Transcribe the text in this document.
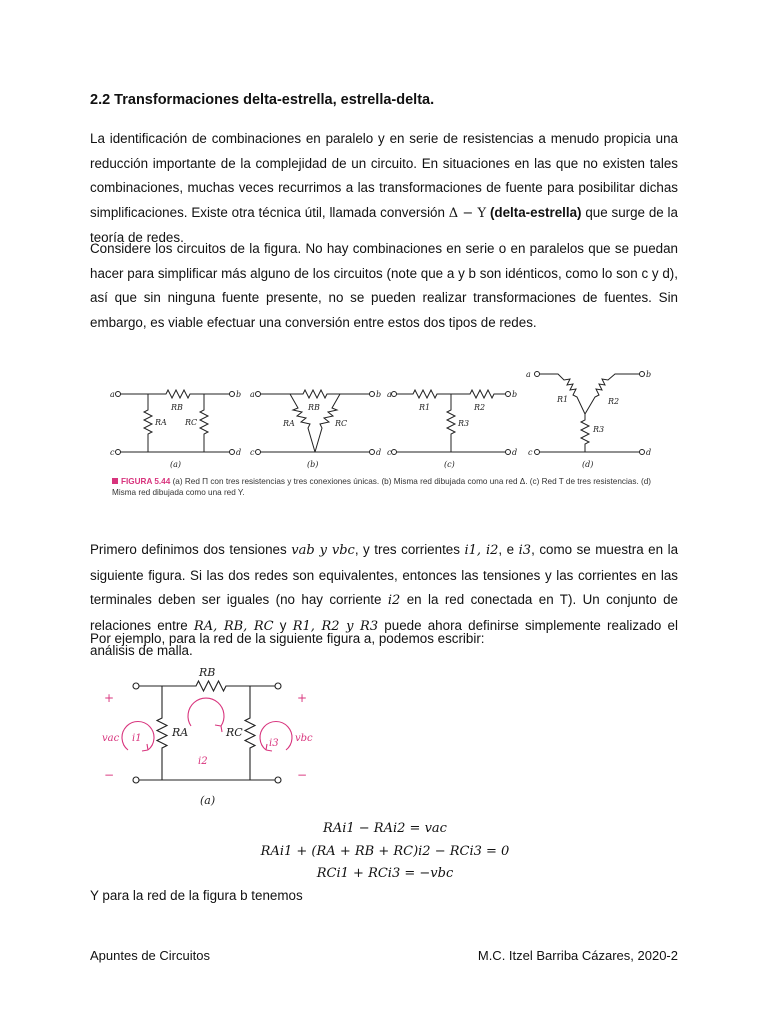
2.2 Transformaciones delta-estrella, estrella-delta.

La identificación de combinaciones en paralelo y en serie de resistencias a menudo propicia una reducción importante de la complejidad de un circuito. En situaciones en las que no existen tales combinaciones, muchas veces recurrimos a las transformaciones de fuente para posibilitar dichas simplificaciones. Existe otra técnica útil, llamada conversión Δ − Y (delta-estrella) que surge de la teoría de redes.

Considere los circuitos de la figura. No hay combinaciones en serie o en paralelos que se puedan hacer para simplificar más alguno de los circuitos (note que a y b son idénticos, como lo son c y d), así que sin ninguna fuente presente, no se pueden realizar transformaciones de fuentes. Sin embargo, es viable efectuar una conversión entre estos dos tipos de redes.

a	b
c	d
RB
RA RC
a	b
c	d
RB
RA	RC
a	b
c	d
R1	R2
R3
a	b
c	d
R1	R2
R3
(a)	(b)	(c)	(d)

FIGURA 5.44 (a) Red Π con tres resistencias y tres conexiones únicas. (b) Misma red dibujada como una red Δ. (c) Red T de tres resistencias. (d) Misma red dibujada como una red Y.

Primero definimos dos tensiones vab y vbc, y tres corrientes i1, i2, e i3, como se muestra en la siguiente figura. Si las dos redes son equivalentes, entonces las tensiones y las corrientes en las terminales deben ser iguales (no hay corriente i2 en la red conectada en T). Un conjunto de relaciones entre RA, RB, RC y R1, R2 y R3 puede ahora definirse simplemente realizado el análisis de malla.

Por ejemplo, para la red de la siguiente figura a, podemos escribir:

RB
RA	RC
i2
vac i1	i3 vbc
+	+
−	−
(a)
RAi1 − RAi2 = vac
RAi1 + (RA + RB + RC)i2 − RCi3 = 0
RCi1 + RCi3 = −vbc

Y para la red de la figura b tenemos

Apuntes de Circuitos	M.C. Itzel Barriba Cázares, 2020-2
